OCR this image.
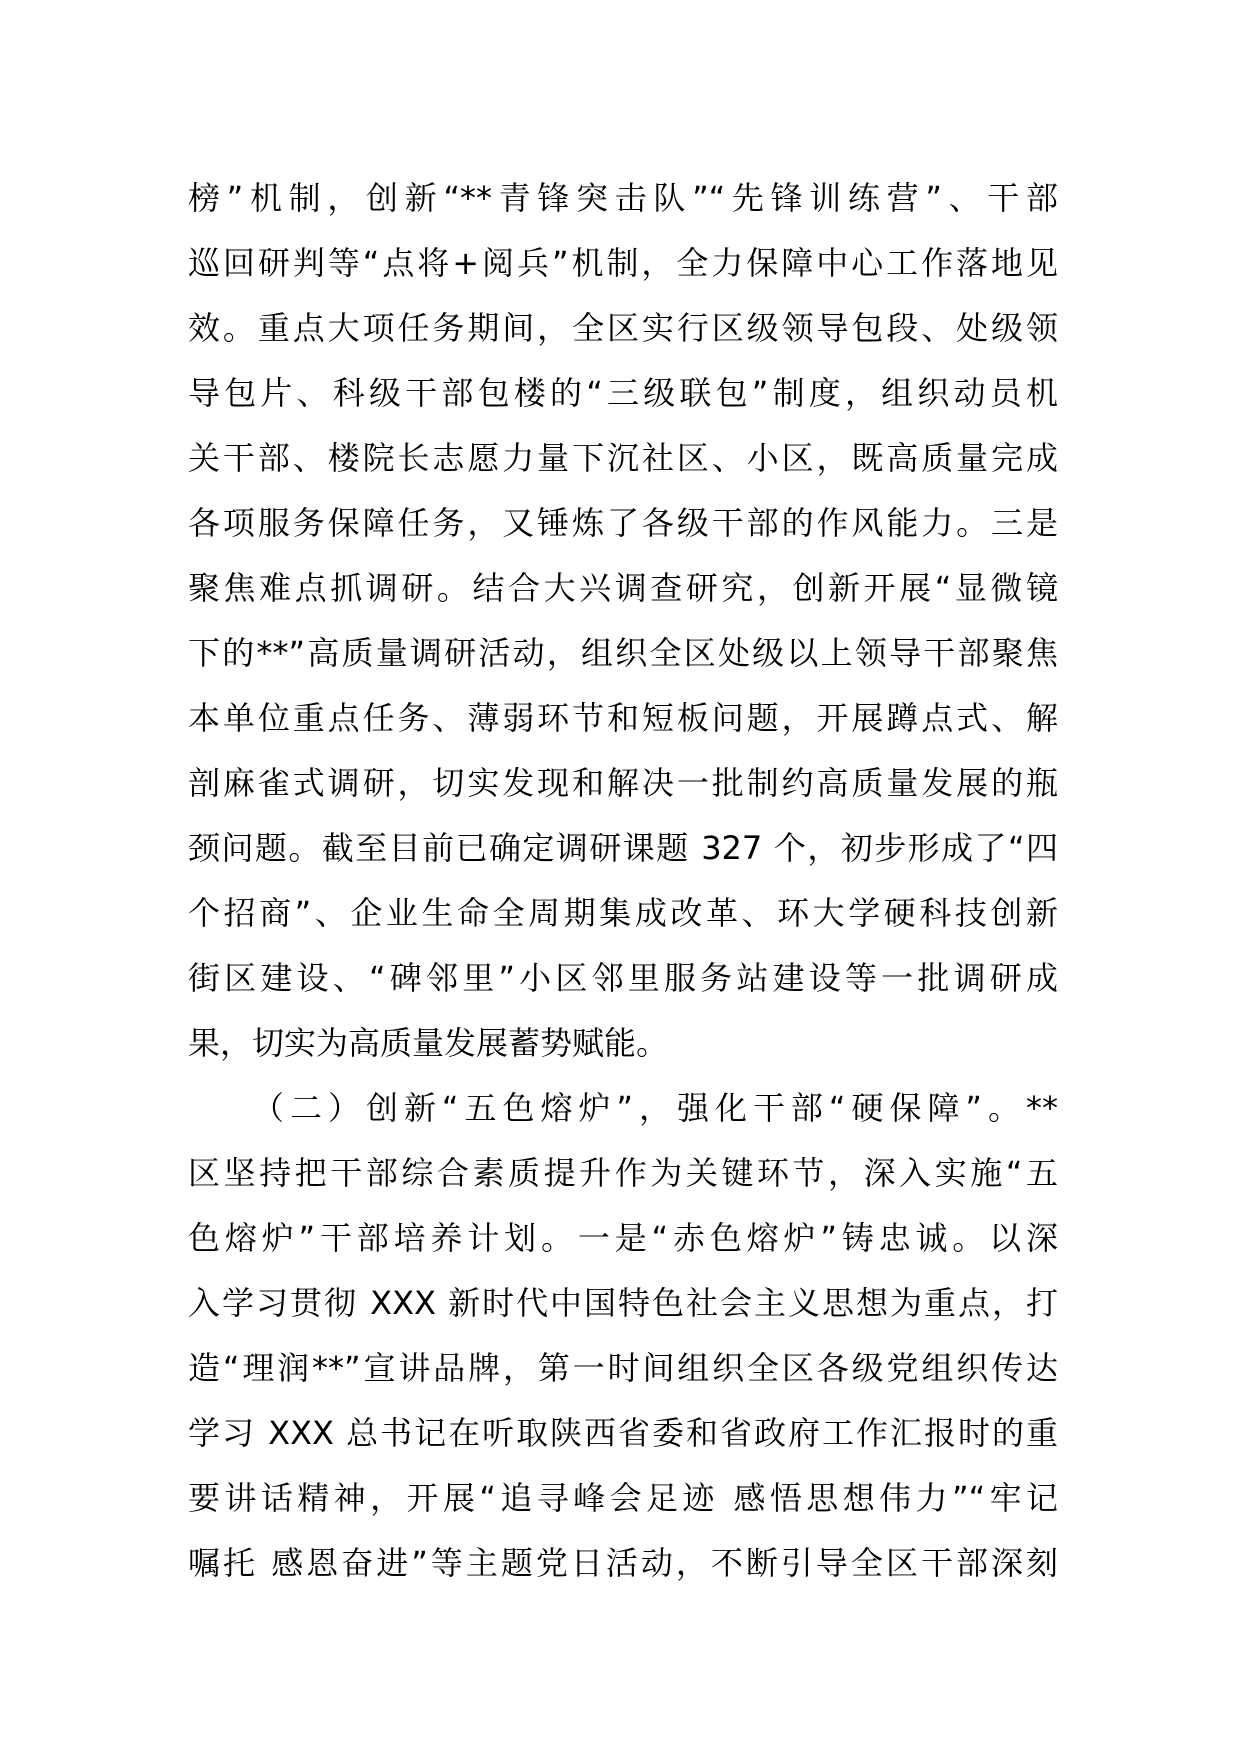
榜”机制，创新“**青锋突击队”“先锋训练营”、干部
巡回研判等“点将+阅兵”机制，全力保障中心工作落地见
效。重点大项任务期间，全区实行区级领导包段、处级领
导包片、科级干部包楼的“三级联包”制度，组织动员机
关干部、楼院长志愿力量下沉社区、小区，既高质量完成
各项服务保障任务，又锤炼了各级干部的作风能力。三是
聚焦难点抓调研。结合大兴调查研究，创新开展“显微镜
下的**”高质量调研活动，组织全区处级以上领导干部聚焦
本单位重点任务、薄弱环节和短板问题，开展蹲点式、解
剖麻雀式调研，切实发现和解决一批制约高质量发展的瓶
颈问题。截至目前已确定调研课题 327 个，初步形成了“四
个招商”、企业生命全周期集成改革、环大学硬科技创新
街区建设、“碑邻里”小区邻里服务站建设等一批调研成
果，切实为高质量发展蓄势赋能。
（二）创新“五色熔炉”，强化干部“硬保障”。**
区坚持把干部综合素质提升作为关键环节，深入实施“五
色熔炉”干部培养计划。一是“赤色熔炉”铸忠诚。以深
入学习贯彻 XXX 新时代中国特色社会主义思想为重点，打
造“理润**”宣讲品牌，第一时间组织全区各级党组织传达
学习 XXX 总书记在听取陕西省委和省政府工作汇报时的重
要讲话精神，开展“追寻峰会足迹 感悟思想伟力”“牢记
嘱托 感恩奋进”等主题党日活动，不断引导全区干部深刻
